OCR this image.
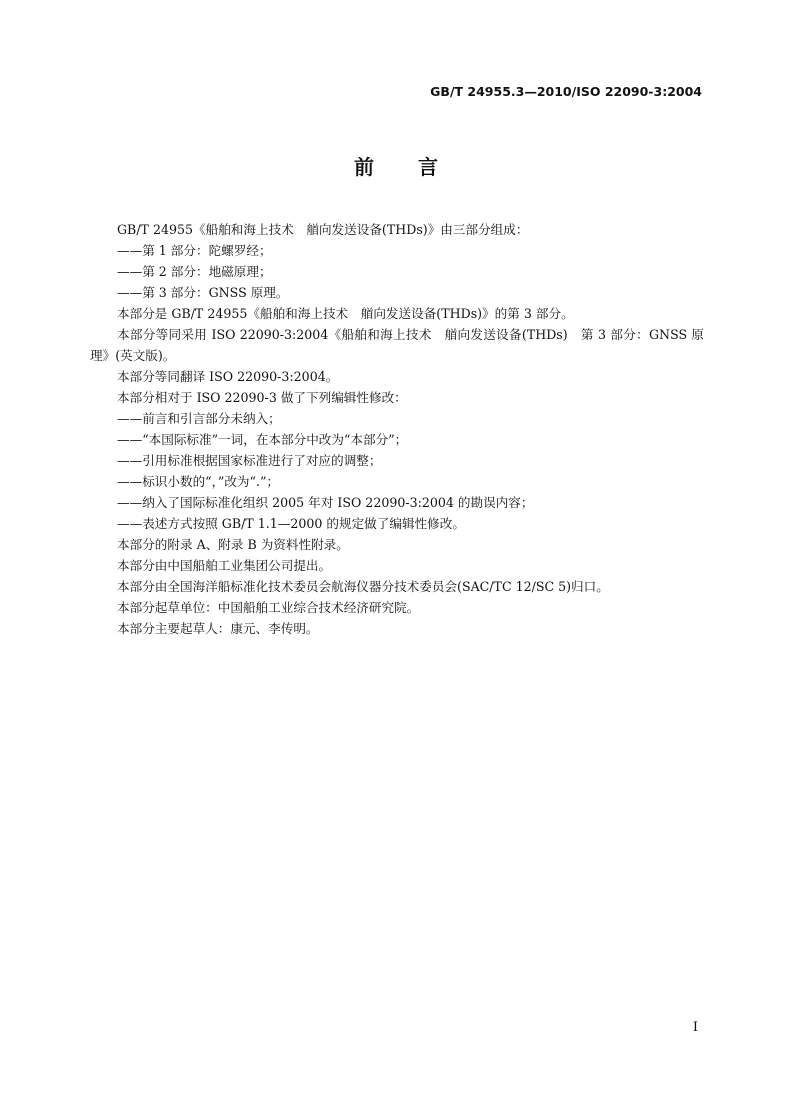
GB/T 24955.3—2010/ISO 22090-3:2004
前言

GB/T 24955《船舶和海上技术　艏向发送设备(THDs)》由三部分组成：

——第 1 部分：陀螺罗经；

——第 2 部分：地磁原理；

——第 3 部分：GNSS 原理。

本部分是 GB/T 24955《船舶和海上技术　艏向发送设备(THDs)》的第 3 部分。

本部分等同采用 ISO 22090-3:2004《船舶和海上技术　艏向发送设备(THDs)　第 3 部分：GNSS 原理》(英文版)。

本部分等同翻译 ISO 22090-3:2004。

本部分相对于 ISO 22090-3 做了下列编辑性修改：

——前言和引言部分未纳入；

——“本国际标准”一词，在本部分中改为“本部分”；

——引用标准根据国家标准进行了对应的调整；

——标识小数的“，”改为“.”；

——纳入了国际标准化组织 2005 年对 ISO 22090-3:2004 的勘误内容；

——表述方式按照 GB/T 1.1—2000 的规定做了编辑性修改。

本部分的附录 A、附录 B 为资料性附录。

本部分由中国船舶工业集团公司提出。

本部分由全国海洋船标准化技术委员会航海仪器分技术委员会(SAC/TC 12/SC 5)归口。

本部分起草单位：中国船舶工业综合技术经济研究院。

本部分主要起草人：康元、李传明。

I
